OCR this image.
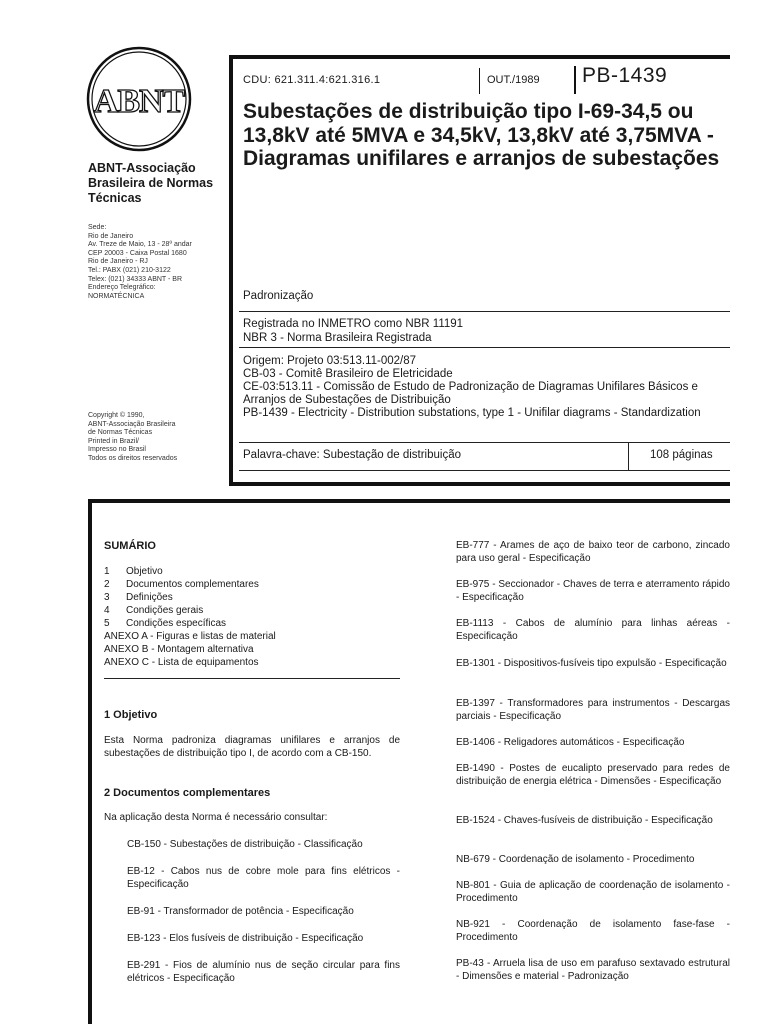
ABNT
ABNT-Associação Brasileira de Normas Técnicas
Sede:
Rio de Janeiro
Av. Treze de Maio, 13 - 28º andar
CEP 20003 - Caixa Postal 1680
Rio de Janeiro - RJ
Tel.: PABX (021) 210-3122
Telex: (021) 34333 ABNT - BR
Endereço Telegráfico:
NORMATÉCNICA
Copyright © 1990,
ABNT-Associação Brasileira
de Normas Técnicas
Printed in Brazil/
Impresso no Brasil
Todos os direitos reservados
CDU: 621.311.4:621.316.1	OUT./1989 PB-1439
Subestações de distribuição tipo I-69-34,5 ou 13,8kV até 5MVA e 34,5kV, 13,8kV até 3,75MVA - Diagramas unifilares e arranjos de subestações
Padronização
Registrada no INMETRO como NBR 11191
NBR 3 - Norma Brasileira Registrada
Origem: Projeto 03:513.11-002/87
CB-03 - Comitê Brasileiro de Eletricidade
CE-03:513.11 - Comissão de Estudo de Padronização de Diagramas Unifilares Básicos e Arranjos de Subestações de Distribuição
PB-1439 - Electricity - Distribution substations, type 1 - Unifilar diagrams - Standardization
Palavra-chave: Subestação de distribuição	108 páginas
SUMÁRIO
1	Objetivo
2	Documentos complementares
3	Definições
4	Condições gerais
5	Condições específicas
ANEXO A - Figuras e listas de material
ANEXO B - Montagem alternativa
ANEXO C - Lista de equipamentos
1 Objetivo
Esta Norma padroniza diagramas unifilares e arranjos de subestações de distribuição tipo I, de acordo com a CB-150.
2 Documentos complementares
Na aplicação desta Norma é necessário consultar:
CB-150 - Subestações de distribuição - Classificação
EB-12 - Cabos nus de cobre mole para fins elétricos - Especificação
EB-91 - Transformador de potência - Especificação
EB-123 - Elos fusíveis de distribuição - Especificação
EB-291 - Fios de alumínio nus de seção circular para fins elétricos - Especificação
EB-777 - Arames de aço de baixo teor de carbono, zincado para uso geral - Especificação
EB-975 - Seccionador - Chaves de terra e aterramento rápido - Especificação
EB-1113 - Cabos de alumínio para linhas aéreas - Especificação
EB-1301 - Dispositivos-fusíveis tipo expulsão - Especificação
EB-1397 - Transformadores para instrumentos - Descargas parciais - Especificação
EB-1406 - Religadores automáticos - Especificação
EB-1490 - Postes de eucalipto preservado para redes de distribuição de energia elétrica - Dimensões - Especificação
EB-1524 - Chaves-fusíveis de distribuição - Especificação
NB-679 - Coordenação de isolamento - Procedimento
NB-801 - Guia de aplicação de coordenação de isolamento - Procedimento
NB-921 - Coordenação de isolamento fase-fase - Procedimento
PB-43 - Arruela lisa de uso em parafuso sextavado estrutural - Dimensões e material - Padronização
